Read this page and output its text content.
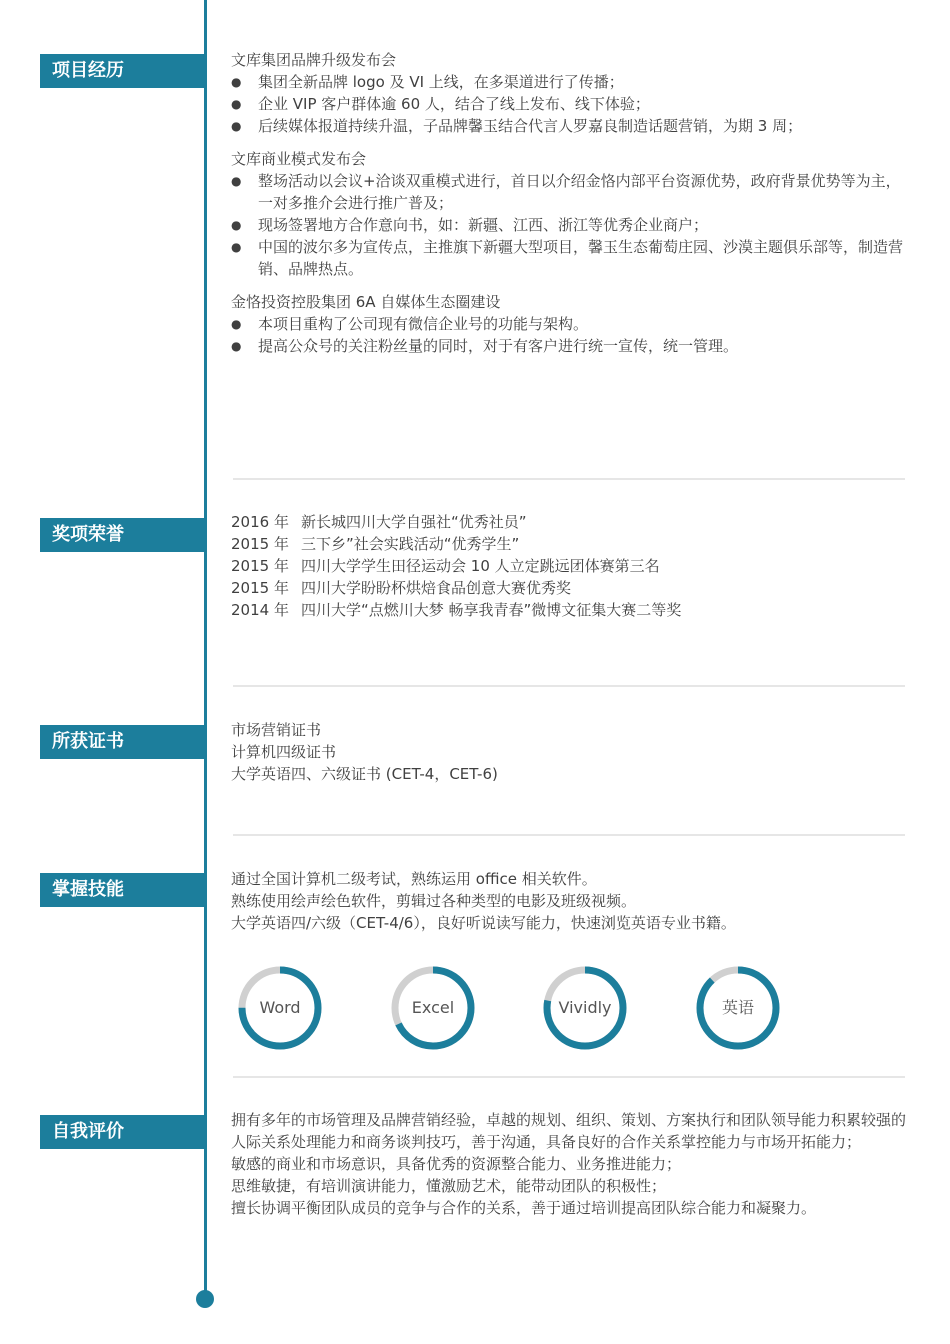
项目经历	文库集团品牌升级发布会
● 集团全新品牌 logo 及 VI 上线，在多渠道进行了传播；
● 企业 VIP 客户群体逾 60 人，结合了线上发布、线下体验；
● 后续媒体报道持续升温，子品牌馨玉结合代言人罗嘉良制造话题营销，为期 3 周；
文库商业模式发布会
● 整场活动以会议+洽谈双重模式进行，首日以介绍金恪内部平台资源优势，政府背景优势等为主，一对多推介会进行推广普及；
● 现场签署地方合作意向书，如：新疆、江西、浙江等优秀企业商户；
● 中国的波尔多为宣传点，主推旗下新疆大型项目，馨玉生态葡萄庄园、沙漠主题俱乐部等，制造营销、品牌热点。
金恪投资控股集团 6A 自媒体生态圈建设
● 本项目重构了公司现有微信企业号的功能与架构。
● 提高公众号的关注粉丝量的同时，对于有客户进行统一宣传，统一管理。
奖项荣誉
2016 年 新长城四川大学自强社“优秀社员”
2015 年 三下乡”社会实践活动“优秀学生”
2015 年 四川大学学生田径运动会 10 人立定跳远团体赛第三名
2015 年 四川大学盼盼杯烘焙食品创意大赛优秀奖
2014 年 四川大学“点燃川大梦 畅享我青春”微博文征集大赛二等奖
所获证书
市场营销证书
计算机四级证书
大学英语四、六级证书 (CET-4，CET-6)
掌握技能	通过全国计算机二级考试，熟练运用 office 相关软件。
熟练使用绘声绘色软件，剪辑过各种类型的电影及班级视频。
大学英语四/六级（CET-4/6），良好听说读写能力，快速浏览英语专业书籍。
Word	Excel	Vividly	英语
自我评价
拥有多年的市场管理及品牌营销经验，卓越的规划、组织、策划、方案执行和团队领导能力积累较强的人际关系处理能力和商务谈判技巧，善于沟通，具备良好的合作关系掌控能力与市场开拓能力；
敏感的商业和市场意识，具备优秀的资源整合能力、业务推进能力；
思维敏捷，有培训演讲能力，懂激励艺术，能带动团队的积极性；
擅长协调平衡团队成员的竞争与合作的关系，善于通过培训提高团队综合能力和凝聚力。
